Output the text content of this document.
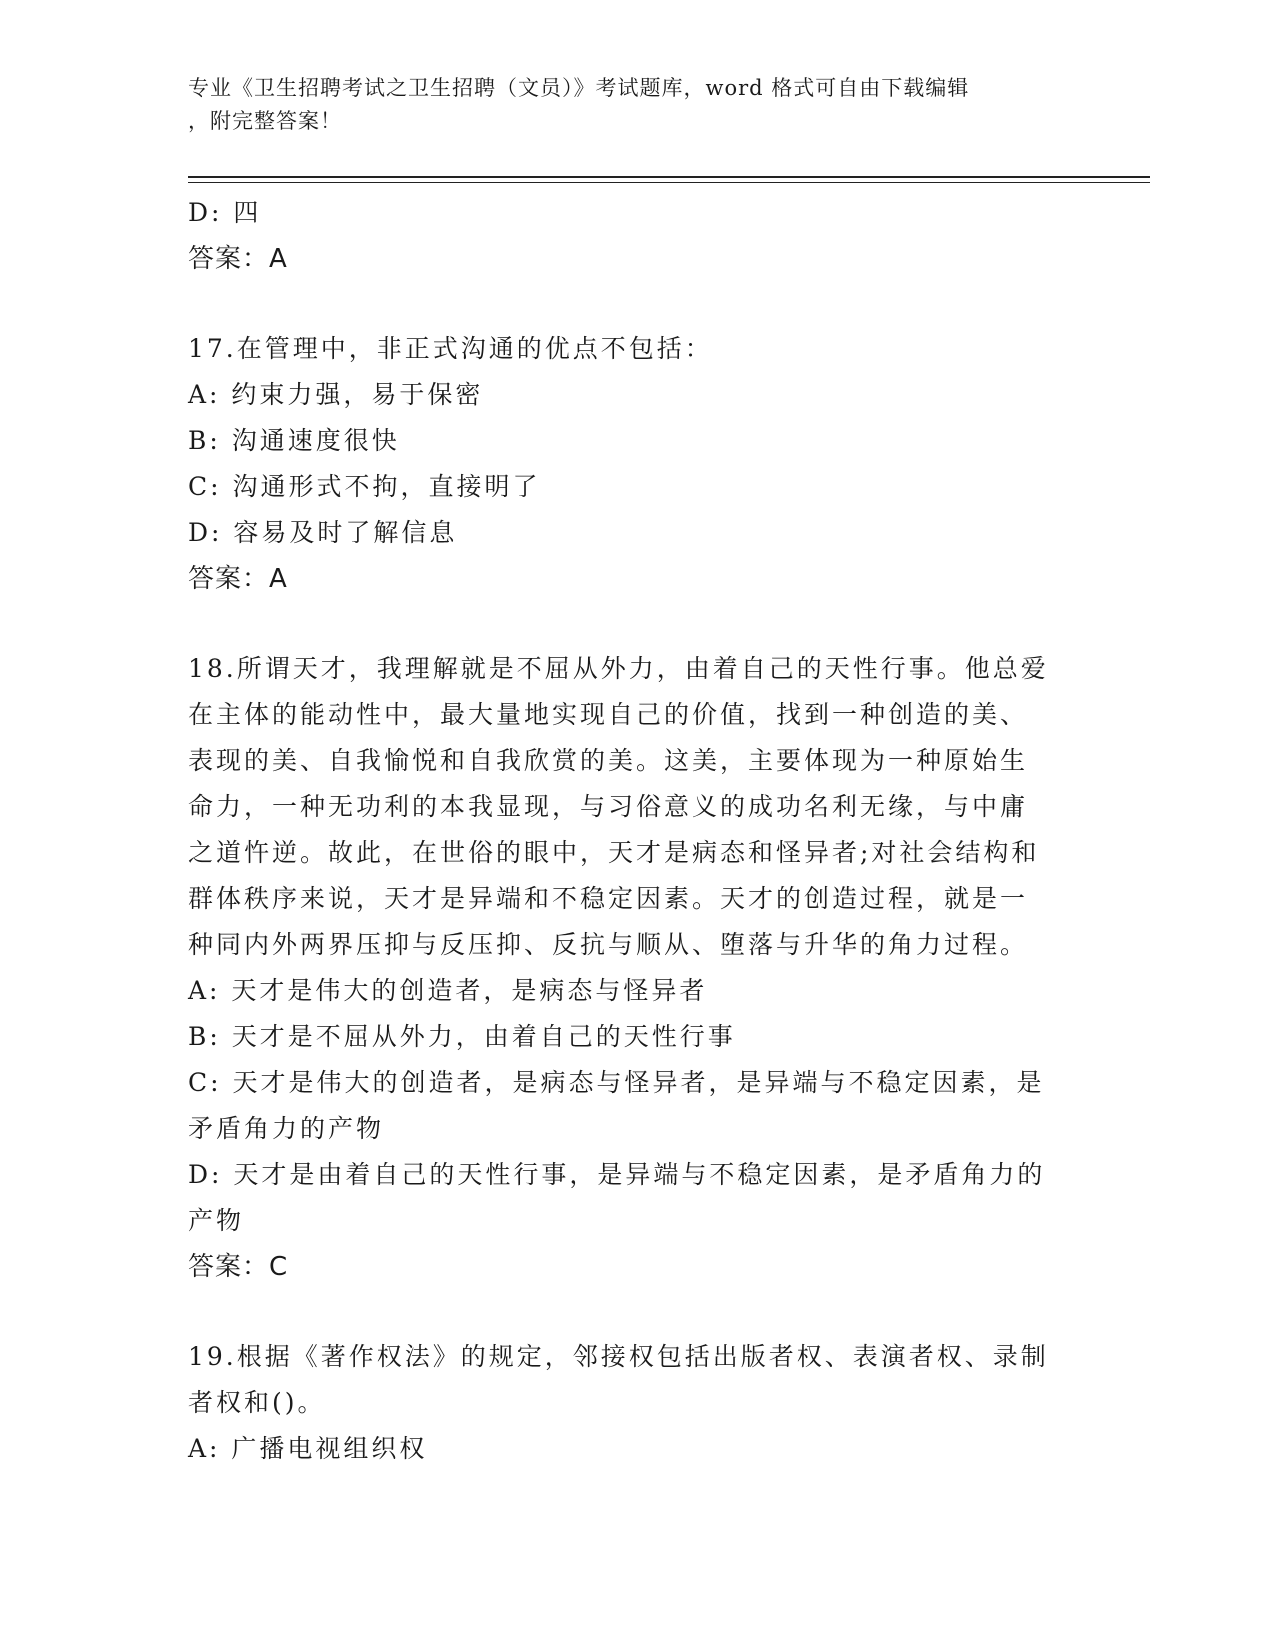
专业《卫生招聘考试之卫生招聘（文员）》考试题库，word 格式可自由下载编辑
，附完整答案！
D: 四
答案：A
17.在管理中，非正式沟通的优点不包括：
A: 约束力强，易于保密
B: 沟通速度很快
C: 沟通形式不拘，直接明了
D: 容易及时了解信息
答案：A
18.所谓天才，我理解就是不屈从外力，由着自己的天性行事。他总爱
在主体的能动性中，最大量地实现自己的价值，找到一种创造的美、
表现的美、自我愉悦和自我欣赏的美。这美，主要体现为一种原始生
命力，一种无功利的本我显现，与习俗意义的成功名利无缘，与中庸
之道忤逆。故此，在世俗的眼中，天才是病态和怪异者;对社会结构和
群体秩序来说，天才是异端和不稳定因素。天才的创造过程，就是一
种同内外两界压抑与反压抑、反抗与顺从、堕落与升华的角力过程。
A: 天才是伟大的创造者，是病态与怪异者
B: 天才是不屈从外力，由着自己的天性行事
C: 天才是伟大的创造者，是病态与怪异者，是异端与不稳定因素，是
矛盾角力的产物
D: 天才是由着自己的天性行事，是异端与不稳定因素，是矛盾角力的
产物
答案：C
19.根据《著作权法》的规定，邻接权包括出版者权、表演者权、录制
者权和()。
A: 广播电视组织权
